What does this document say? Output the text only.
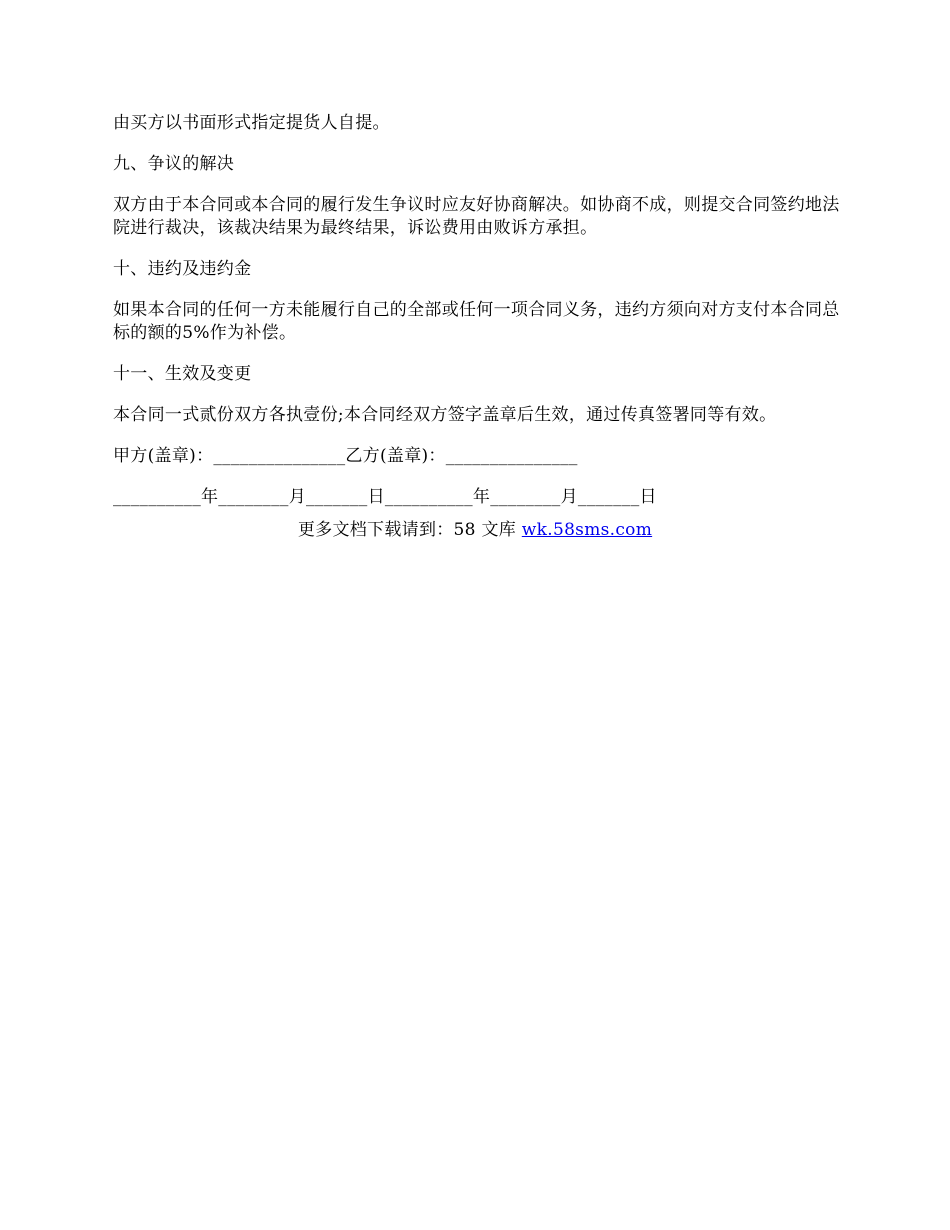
由买方以书面形式指定提货人自提。

九、争议的解决

双方由于本合同或本合同的履行发生争议时应友好协商解决。如协商不成，则提交合同签约地法院进行裁决，该裁决结果为最终结果，诉讼费用由败诉方承担。

十、违约及违约金

如果本合同的任何一方未能履行自己的全部或任何一项合同义务，违约方须向对方支付本合同总标的额的5%作为补偿。

十一、生效及变更

本合同一式贰份双方各执壹份;本合同经双方签字盖章后生效，通过传真签署同等有效。

甲方(盖章)：_______________乙方(盖章)：_______________

__________年________月_______日__________年________月_______日

更多文档下载请到：58 文库 wk.58sms.com
